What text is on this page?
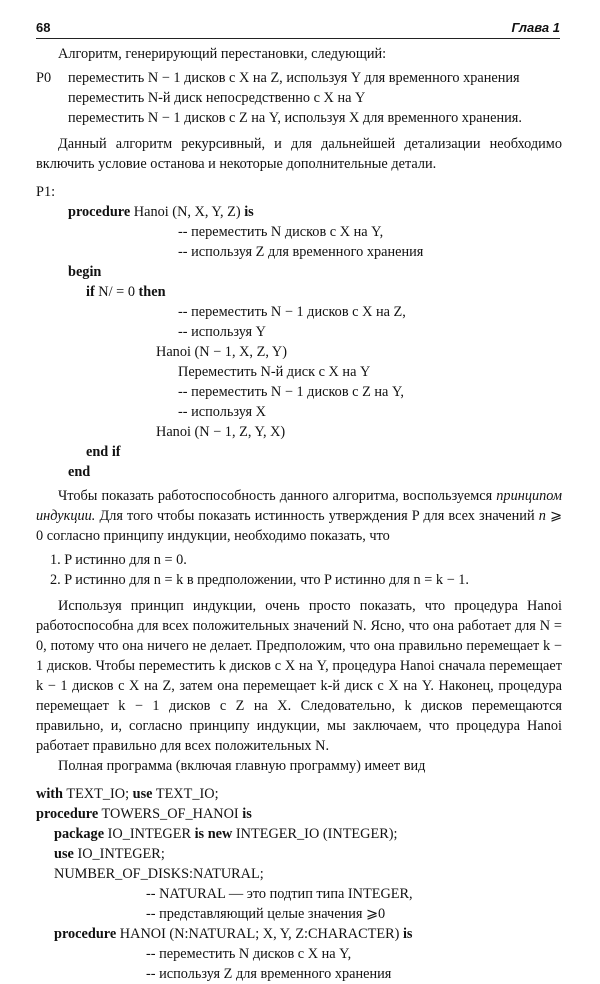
68	Глава 1

Алгоритм, генерирующий перестановки, следующий:

P0	переместить N − 1 дисков с X на Z, используя Y для временного хранения
переместить N-й диск непосредственно с X на Y
переместить N − 1 дисков с Z на Y, используя X для временного хранения.

Данный алгоритм рекурсивный, и для дальнейшей детализации необходимо включить условие останова и некоторые дополнительные детали.

P1:

procedure Hanoi (N, X, Y, Z) is
-- переместить N дисков с X на Y,
-- используя Z для временного хранения
begin
if N/ = 0 then
-- переместить N − 1 дисков с X на Z,
-- используя Y
Hanoi (N − 1, X, Z, Y)
Переместить N-й диск с X на Y
-- переместить N − 1 дисков с Z на Y,
-- используя X
Hanoi (N − 1, Z, Y, X)
end if
end

Чтобы показать работоспособность данного алгоритма, воспользуемся принципом индукции. Для того чтобы показать истинность утверждения P для всех значений n ⩾ 0 согласно принципу индукции, необходимо показать, что

1. P истинно для n = 0.

2. P истинно для n = k в предположении, что P истинно для n = k − 1.

Используя принцип индукции, очень просто показать, что процедура Hanoi работоспособна для всех положительных значений N. Ясно, что она работает для N = 0, потому что она ничего не делает. Предположим, что она правильно перемещает k − 1 дисков. Чтобы переместить k дисков с X на Y, процедура Hanoi сначала перемещает k − 1 дисков с X на Z, затем она перемещает k-й диск с X на Y. Наконец, процедура перемещает k − 1 дисков с Z на X. Следовательно, k дисков перемещаются правильно, и, согласно принципу индукции, мы заключаем, что процедура Hanoi работает правильно для всех положительных N.

Полная программа (включая главную программу) имеет вид

with TEXT_IO; use TEXT_IO;
procedure TOWERS_OF_HANOI is
package IO_INTEGER is new INTEGER_IO (INTEGER);
use IO_INTEGER;
NUMBER_OF_DISKS:NATURAL;
-- NATURAL — это подтип типа INTEGER,
-- представляющий целые значения ⩾0
procedure HANOI (N:NATURAL; X, Y, Z:CHARACTER) is
-- переместить N дисков с X на Y,
-- используя Z для временного хранения
